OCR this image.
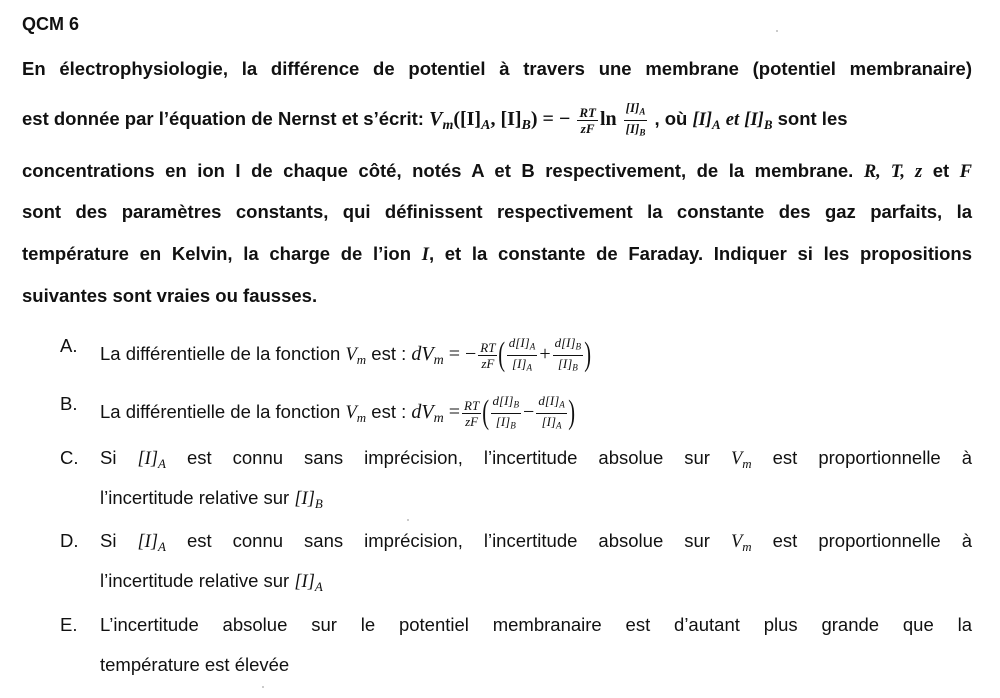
QCM 6
En électrophysiologie, la différence de potentiel à travers une membrane (potentiel membranaire)
est donnée par l’équation de Nernst et s’écrit: $V_m([I]_A$, $[I]_B$) = − $\frac{RT}{zF}$ $\ln \frac{[I]_A}{[I]_B}$ , où $[I]_A$ et $[I]_B$ sont les
concentrations en ion I de chaque côté, notés A et B respectivement, de la membrane. R, T, z et F
sont des paramètres constants, qui définissent respectivement la constante des gaz parfaits, la
température en Kelvin, la charge de l’ion I, et la constante de Faraday. Indiquer si les propositions
suivantes sont vraies ou fausses.
A. La différentielle de la fonction $V_m$ est : $dV_m$ = − $\frac{RT}{zF}$ ( $\frac{d[I]_A}{[I]_A} + \frac{d[I]_B}{[I]_B}$ )
B. La différentielle de la fonction $V_m$ est : $dV_m = \frac{RT}{zF}$ ( $\frac{d[I]_B}{[I]_B} - \frac{d[I]_A}{[I]_A}$ )
C. Si $[I]_A$ est connu sans imprécision, l’incertitude absolue sur $V_m$ est proportionnelle à
l’incertitude relative sur $[I]_B$
D. Si $[I]_A$ est connu sans imprécision, l’incertitude absolue sur $V_m$ est proportionnelle à
l’incertitude relative sur $[I]_A$
E. L’incertitude absolue sur le potentiel membranaire est d’autant plus grande que la
température est élevée
